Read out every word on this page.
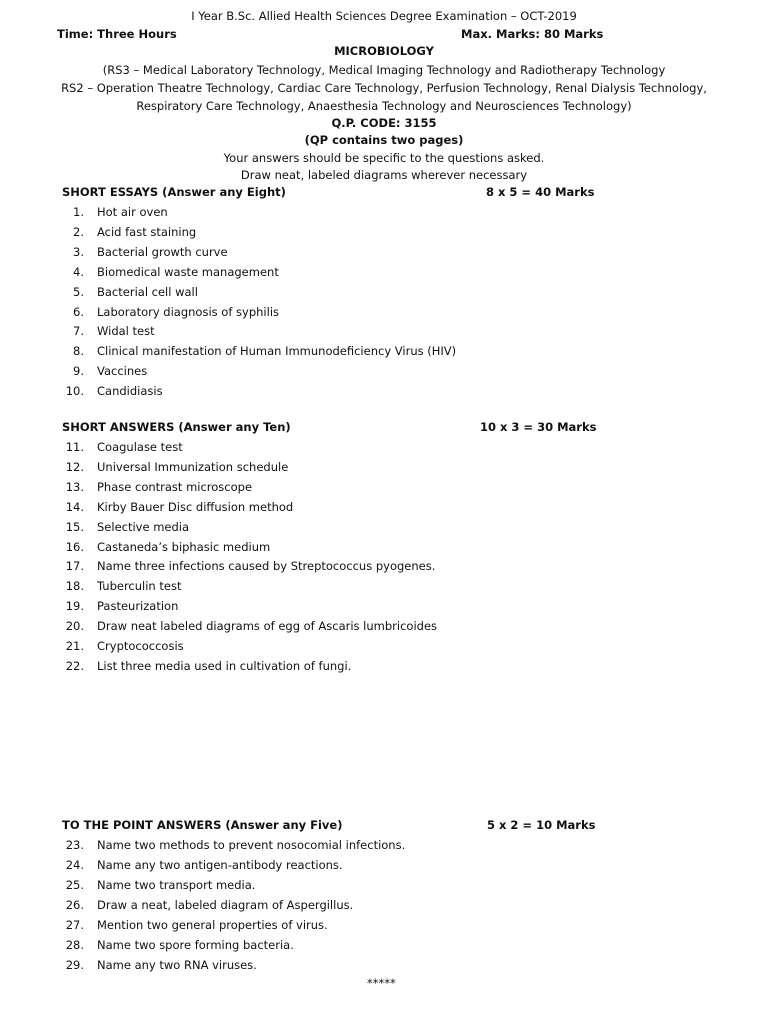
I Year B.Sc. Allied Health Sciences Degree Examination – OCT-2019
Time: Three Hours	Max. Marks: 80 Marks
MICROBIOLOGY
(RS3 – Medical Laboratory Technology, Medical Imaging Technology and Radiotherapy Technology
RS2 – Operation Theatre Technology, Cardiac Care Technology, Perfusion Technology, Renal Dialysis Technology,
Respiratory Care Technology, Anaesthesia Technology and Neurosciences Technology)
Q.P. CODE: 3155
(QP contains two pages)
Your answers should be specific to the questions asked.
Draw neat, labeled diagrams wherever necessary
SHORT ESSAYS (Answer any Eight)	8 x 5 = 40 Marks
1. Hot air oven
2. Acid fast staining
3. Bacterial growth curve
4. Biomedical waste management
5. Bacterial cell wall
6. Laboratory diagnosis of syphilis
7. Widal test
8. Clinical manifestation of Human Immunodeficiency Virus (HIV)
9. Vaccines
10. Candidiasis
SHORT ANSWERS (Answer any Ten)	10 x 3 = 30 Marks
11. Coagulase test
12. Universal Immunization schedule
13. Phase contrast microscope
14. Kirby Bauer Disc diffusion method
15. Selective media
16. Castaneda’s biphasic medium
17. Name three infections caused by Streptococcus pyogenes.
18. Tuberculin test
19. Pasteurization
20. Draw neat labeled diagrams of egg of Ascaris lumbricoides
21. Cryptococcosis
22. List three media used in cultivation of fungi.
TO THE POINT ANSWERS (Answer any Five)	5 x 2 = 10 Marks
23. Name two methods to prevent nosocomial infections.
24. Name any two antigen-antibody reactions.
25. Name two transport media.
26. Draw a neat, labeled diagram of Aspergillus.
27. Mention two general properties of virus.
28. Name two spore forming bacteria.
29. Name any two RNA viruses.
*****
